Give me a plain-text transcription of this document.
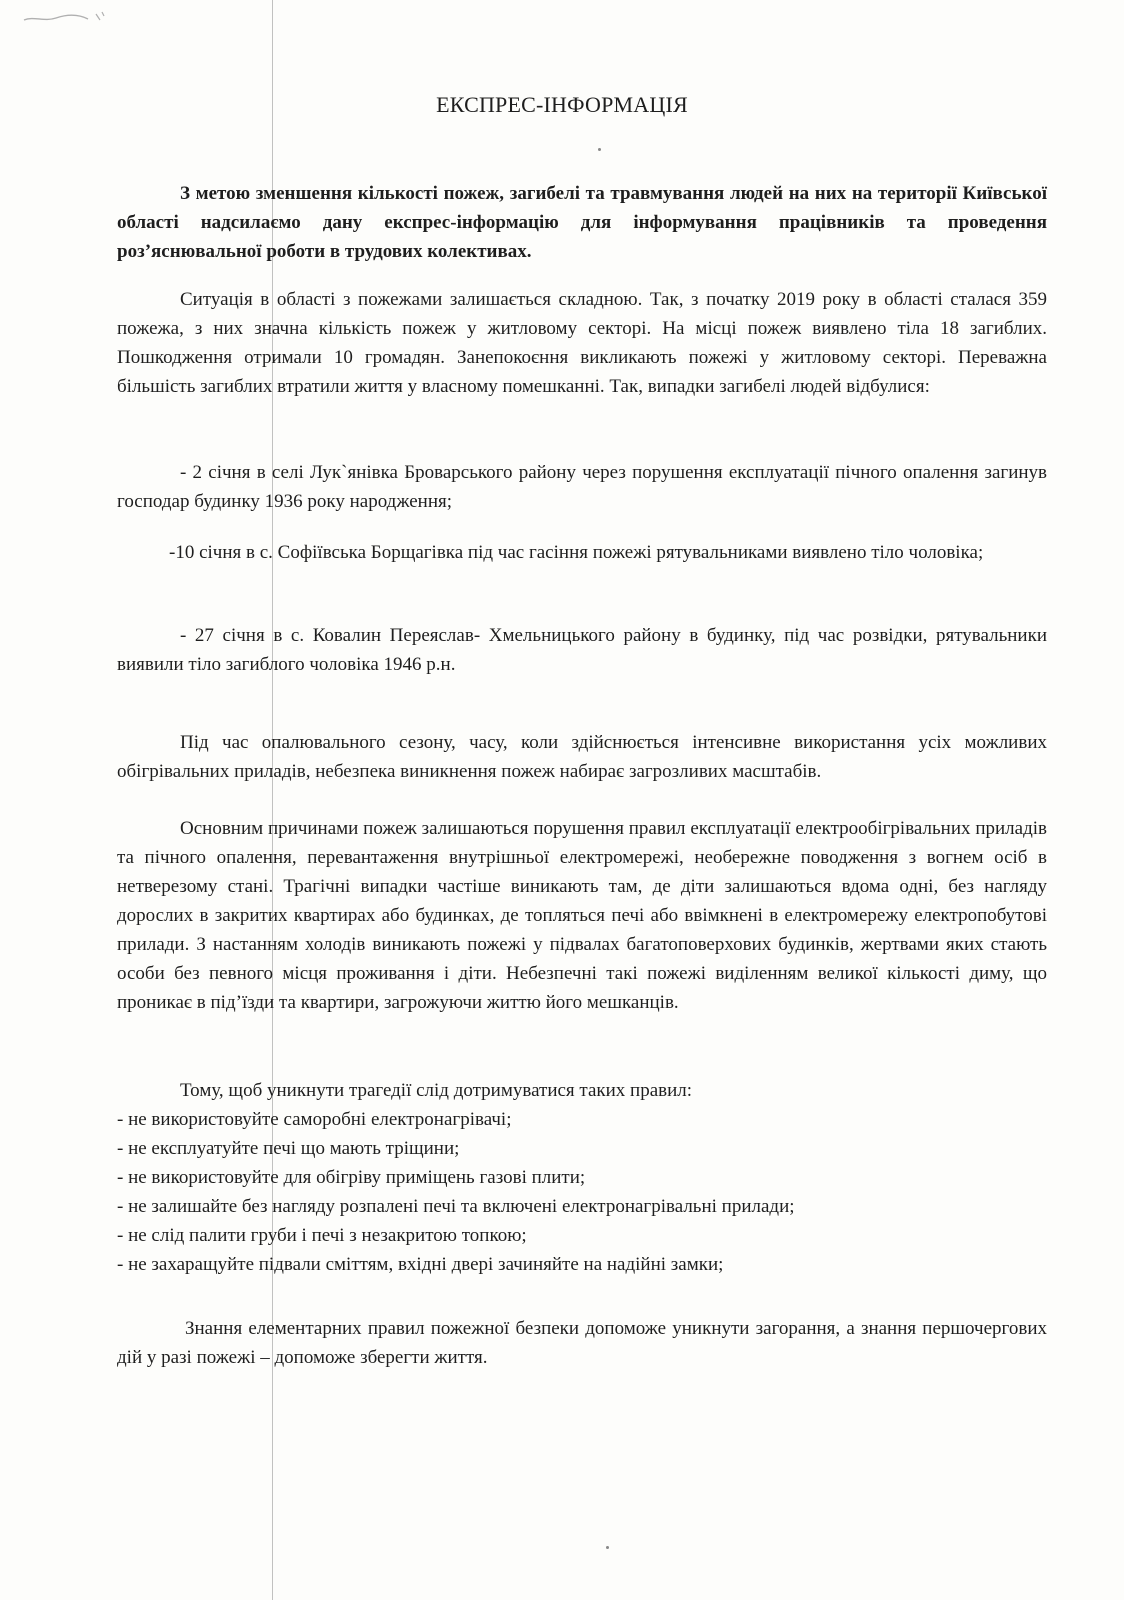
ЕКСПРЕС-ІНФОРМАЦІЯ

З метою зменшення кількості пожеж, загибелі та травмування людей на них на території Київської області надсилаємо дану експрес-інформацію для інформування працівників та проведення роз’яснювальної роботи в трудових колективах.

Ситуація в області з пожежами залишається складною. Так, з початку 2019 року в області сталася 359 пожежа, з них значна кількість пожеж у житловому секторі. На місці пожеж виявлено тіла 18 загиблих. Пошкодження отримали 10 громадян. Занепокоєння викликають пожежі у житловому секторі. Переважна більшість загиблих втратили життя у власному помешканні. Так, випадки загибелі людей відбулися:

- 2 січня в селі Лук`янівка Броварського району через порушення експлуатації пічного опалення загинув господар будинку 1936 року народження;

-10 січня в с. Софіївська Борщагівка під час гасіння пожежі рятувальниками виявлено тіло чоловіка;

- 27 січня в с. Ковалин Переяслав- Хмельницького району в будинку, під час розвідки, рятувальники виявили тіло загиблого чоловіка 1946 р.н.

Під час опалювального сезону, часу, коли здійснюється інтенсивне використання усіх можливих обігрівальних приладів, небезпека виникнення пожеж набирає загрозливих масштабів.

Основним причинами пожеж залишаються порушення правил експлуатації електрообігрівальних приладів та пічного опалення, перевантаження внутрішньої електромережі, необережне поводження з вогнем осіб в нетверезому стані. Трагічні випадки частіше виникають там, де діти залишаються вдома одні, без нагляду дорослих в закритих квартирах або будинках, де топляться печі або ввімкнені в електромережу електропобутові прилади. З настанням холодів виникають пожежі у підвалах багатоповерхових будинків, жертвами яких стають особи без певного місця проживання і діти. Небезпечні такі пожежі виділенням великої кількості диму, що проникає в під’їзди та квартири, загрожуючи життю його мешканців.

Тому, щоб уникнути трагедії слід дотримуватися таких правил:

- не використовуйте саморобні електронагрівачі;
- не експлуатуйте печі що мають тріщини;
- не використовуйте для обігріву приміщень газові плити;
- не залишайте без нагляду розпалені печі та включені електронагрівальні прилади;
- не слід палити груби і печі з незакритою топкою;
- не захаращуйте підвали сміттям, вхідні двері зачиняйте на надійні замки;

Знання елементарних правил пожежної безпеки допоможе уникнути загорання, а знання першочергових дій у разі пожежі – допоможе зберегти життя.
